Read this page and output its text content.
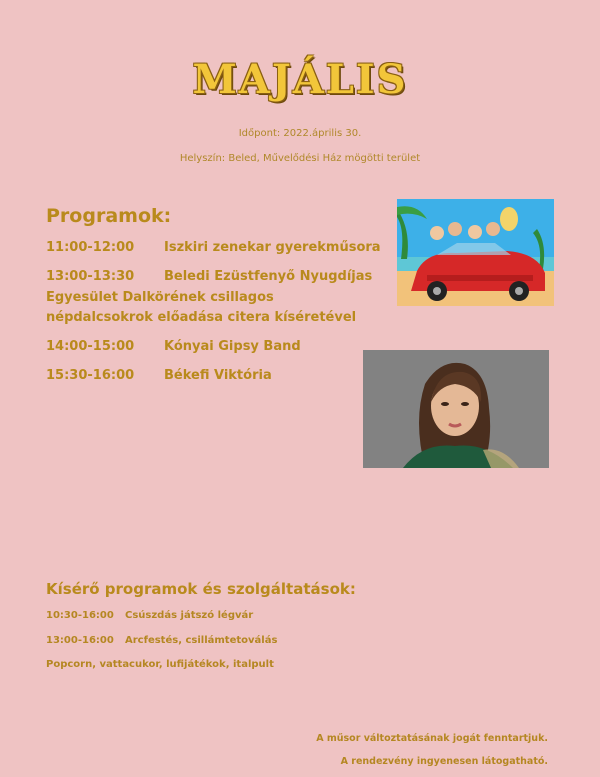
MAJÁLIS
Időpont: 2022.április 30.
Helyszín: Beled, Művelődési Ház mögötti terület
Programok:
11:00-12:00 Iszkiri zenekar gyerekműsora
13:00-13:30 Beledi Ezüstfenyő Nyugdíjas
Egyesület Dalkörének csillagos népdalcsokrok előadása citera kíséretével
14:00-15:00 Kónyai Gipsy Band
15:30-16:00 Békefi Viktória
Kísérő programok és szolgáltatások:
10:30-16:00 Csúszdás játszó légvár
13:00-16:00 Arcfestés, csillámtetoválás
Popcorn, vattacukor, lufijátékok, italpult
A műsor változtatásának jogát fenntartjuk.
A rendezvény ingyenesen látogatható.
